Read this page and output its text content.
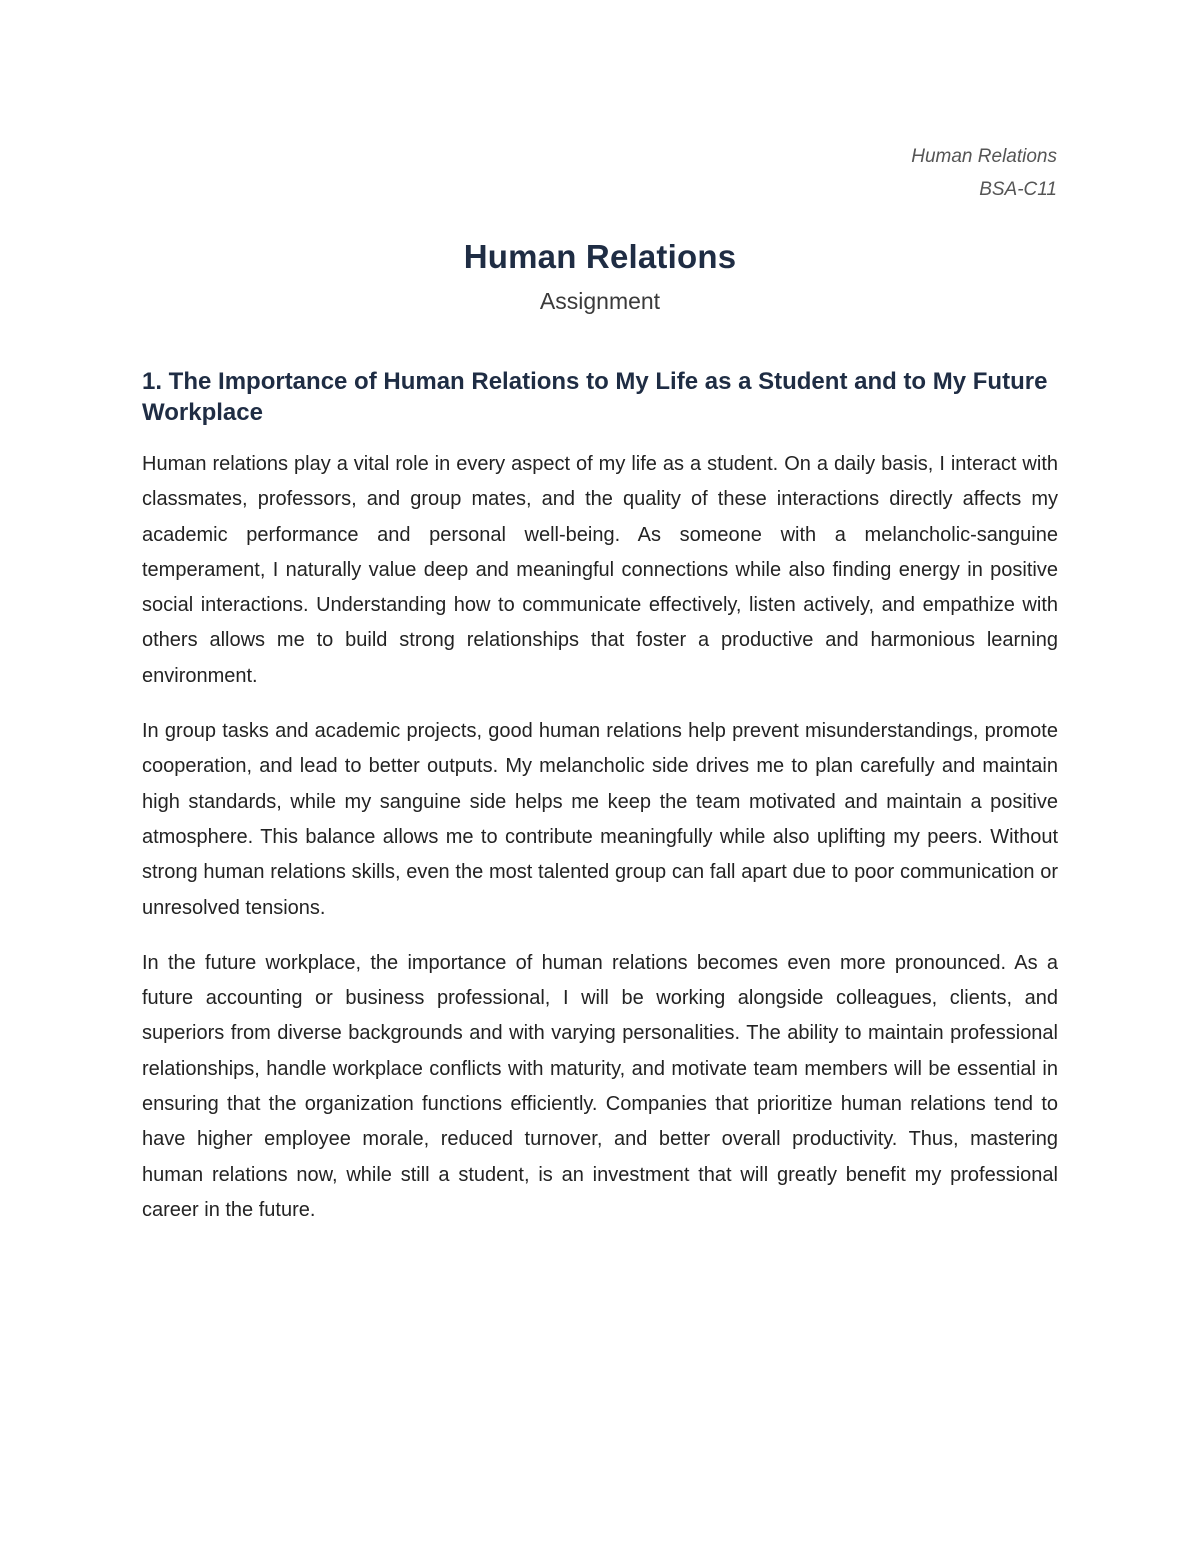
Human Relations
BSA-C11
Human Relations
Assignment
1. The Importance of Human Relations to My Life as a Student and to My Future Workplace

Human relations play a vital role in every aspect of my life as a student. On a daily basis, I interact with classmates, professors, and group mates, and the quality of these interactions directly affects my academic performance and personal well-being. As someone with a melancholic-sanguine temperament, I naturally value deep and meaningful connections while also finding energy in positive social interactions. Understanding how to communicate effectively, listen actively, and empathize with others allows me to build strong relationships that foster a productive and harmonious learning environment.

In group tasks and academic projects, good human relations help prevent misunderstandings, promote cooperation, and lead to better outputs. My melancholic side drives me to plan carefully and maintain high standards, while my sanguine side helps me keep the team motivated and maintain a positive atmosphere. This balance allows me to contribute meaningfully while also uplifting my peers. Without strong human relations skills, even the most talented group can fall apart due to poor communication or unresolved tensions.

In the future workplace, the importance of human relations becomes even more pronounced. As a future accounting or business professional, I will be working alongside colleagues, clients, and superiors from diverse backgrounds and with varying personalities. The ability to maintain professional relationships, handle workplace conflicts with maturity, and motivate team members will be essential in ensuring that the organization functions efficiently. Companies that prioritize human relations tend to have higher employee morale, reduced turnover, and better overall productivity. Thus, mastering human relations now, while still a student, is an investment that will greatly benefit my professional career in the future.
